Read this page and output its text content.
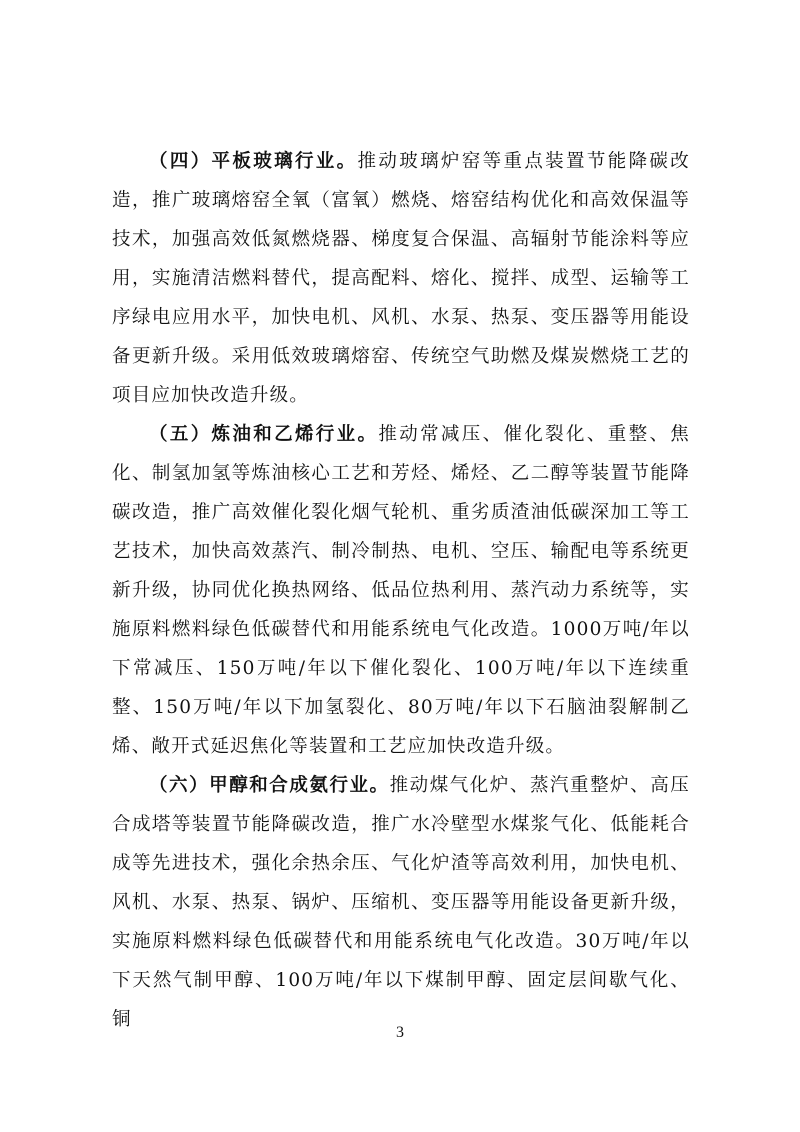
（四）平板玻璃行业。推动玻璃炉窑等重点装置节能降碳改造，推广玻璃熔窑全氧（富氧）燃烧、熔窑结构优化和高效保温等技术，加强高效低氮燃烧器、梯度复合保温、高辐射节能涂料等应用，实施清洁燃料替代，提高配料、熔化、搅拌、成型、运输等工序绿电应用水平，加快电机、风机、水泵、热泵、变压器等用能设备更新升级。采用低效玻璃熔窑、传统空气助燃及煤炭燃烧工艺的项目应加快改造升级。

（五）炼油和乙烯行业。推动常减压、催化裂化、重整、焦化、制氢加氢等炼油核心工艺和芳烃、烯烃、乙二醇等装置节能降碳改造，推广高效催化裂化烟气轮机、重劣质渣油低碳深加工等工艺技术，加快高效蒸汽、制冷制热、电机、空压、输配电等系统更新升级，协同优化换热网络、低品位热利用、蒸汽动力系统等，实施原料燃料绿色低碳替代和用能系统电气化改造。1000万吨/年以下常减压、150万吨/年以下催化裂化、100万吨/年以下连续重整、150万吨/年以下加氢裂化、80万吨/年以下石脑油裂解制乙烯、敞开式延迟焦化等装置和工艺应加快改造升级。

（六）甲醇和合成氨行业。推动煤气化炉、蒸汽重整炉、高压合成塔等装置节能降碳改造，推广水冷壁型水煤浆气化、低能耗合成等先进技术，强化余热余压、气化炉渣等高效利用，加快电机、风机、水泵、热泵、锅炉、压缩机、变压器等用能设备更新升级，实施原料燃料绿色低碳替代和用能系统电气化改造。30万吨/年以下天然气制甲醇、100万吨/年以下煤制甲醇、固定层间歇气化、铜

3
